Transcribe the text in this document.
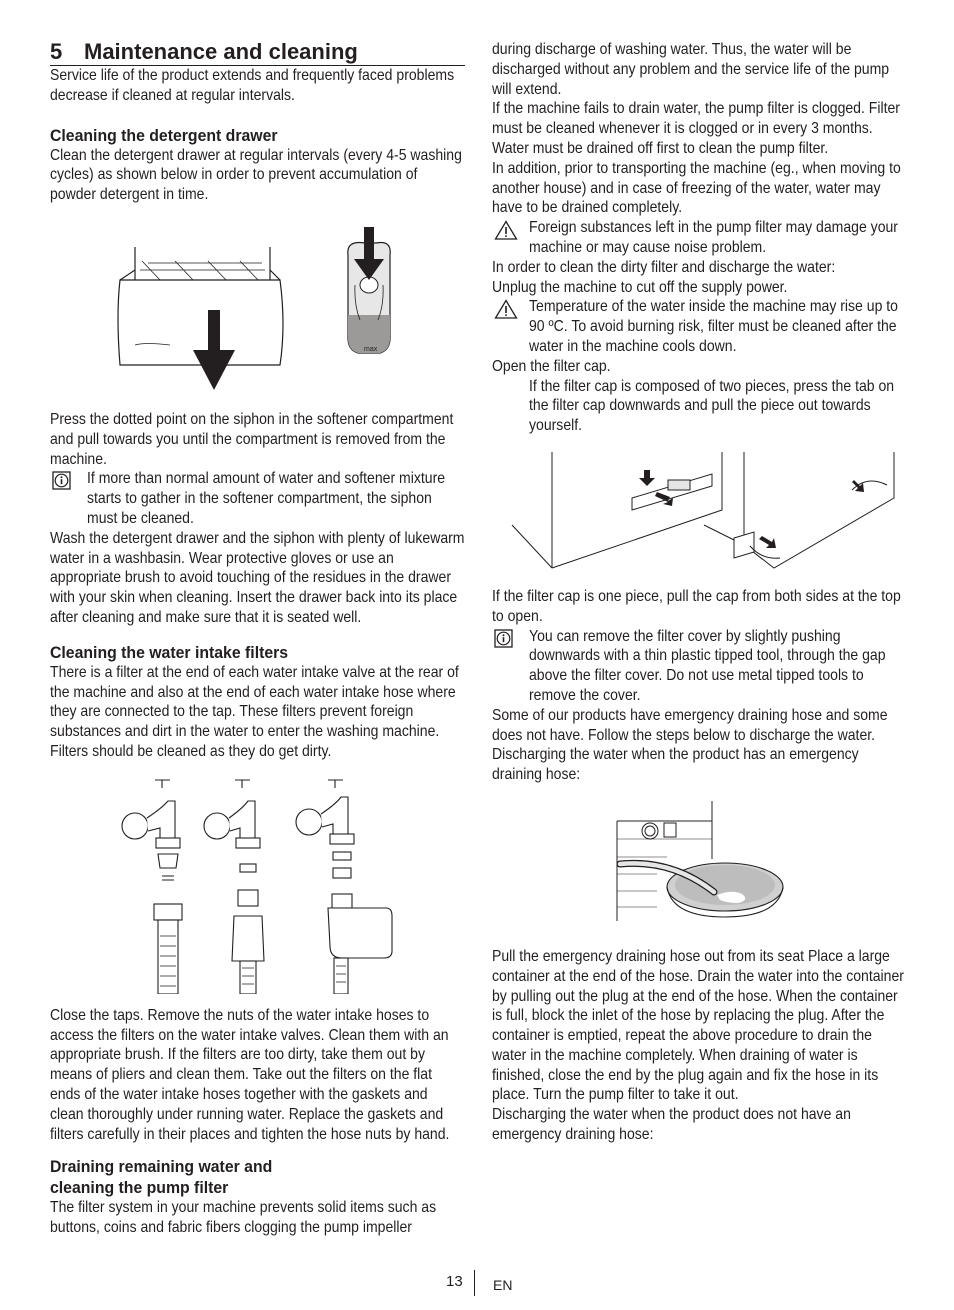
5 Maintenance and cleaning

Service life of the product extends and frequently faced problems decrease if cleaned at regular intervals.

Cleaning the detergent drawer

Clean the detergent drawer at regular intervals (every 4-5 washing cycles) as shown below in order to prevent accumulation of powder detergent in time.

max

Press the dotted point on the siphon in the softener compartment and pull towards you until the compartment is removed from the machine.

If more than normal amount of water and softener mixture starts to gather in the softener compartment, the siphon must be cleaned.

Wash the detergent drawer and the siphon with plenty of lukewarm water in a washbasin. Wear protective gloves or use an appropriate brush to avoid touching of the residues in the drawer with your skin when cleaning. Insert the drawer back into its place after cleaning and make sure that it is seated well.

Cleaning the water intake filters

There is a filter at the end of each water intake valve at the rear of the machine and also at the end of each water intake hose where they are connected to the tap. These filters prevent foreign substances and dirt in the water to enter the washing machine. Filters should be cleaned as they do get dirty.

Close the taps. Remove the nuts of the water intake hoses to access the filters on the water intake valves. Clean them with an appropriate brush. If the filters are too dirty, take them out by means of pliers and clean them. Take out the filters on the flat ends of the water intake hoses together with the gaskets and clean thoroughly under running water. Replace the gaskets and filters carefully in their places and tighten the hose nuts by hand.

Draining remaining water and
cleaning the pump filter

The filter system in your machine prevents solid items such as buttons, coins and fabric fibers clogging the pump impeller

during discharge of washing water. Thus, the water will be discharged without any problem and the service life of the pump will extend.

If the machine fails to drain water, the pump filter is clogged. Filter must be cleaned whenever it is clogged or in every 3 months. Water must be drained off first to clean the pump filter.

In addition, prior to transporting the machine (eg., when moving to another house) and in case of freezing of the water, water may have to be drained completely.

Foreign substances left in the pump filter may damage your machine or may cause noise problem.

In order to clean the dirty filter and discharge the water:

Unplug the machine to cut off the supply power.

Temperature of the water inside the machine may rise up to 90 ºC. To avoid burning risk, filter must be cleaned after the water in the machine cools down.

Open the filter cap.

If the filter cap is composed of two pieces, press the tab on the filter cap downwards and pull the piece out towards yourself.

If the filter cap is one piece, pull the cap from both sides at the top to open.

You can remove the filter cover by slightly pushing downwards with a thin plastic tipped tool, through the gap above the filter cover. Do not use metal tipped tools to remove the cover.

Some of our products have emergency draining hose and some does not have. Follow the steps below to discharge the water.

Discharging the water when the product has an emergency draining hose:

Pull the emergency draining hose out from its seat Place a large container at the end of the hose. Drain the water into the container by pulling out the plug at the end of the hose. When the container is full, block the inlet of the hose by replacing the plug. After the container is emptied, repeat the above procedure to drain the water in the machine completely. When draining of water is finished, close the end by the plug again and fix the hose in its place. Turn the pump filter to take it out.

Discharging the water when the product does not have an emergency draining hose:

13 EN
